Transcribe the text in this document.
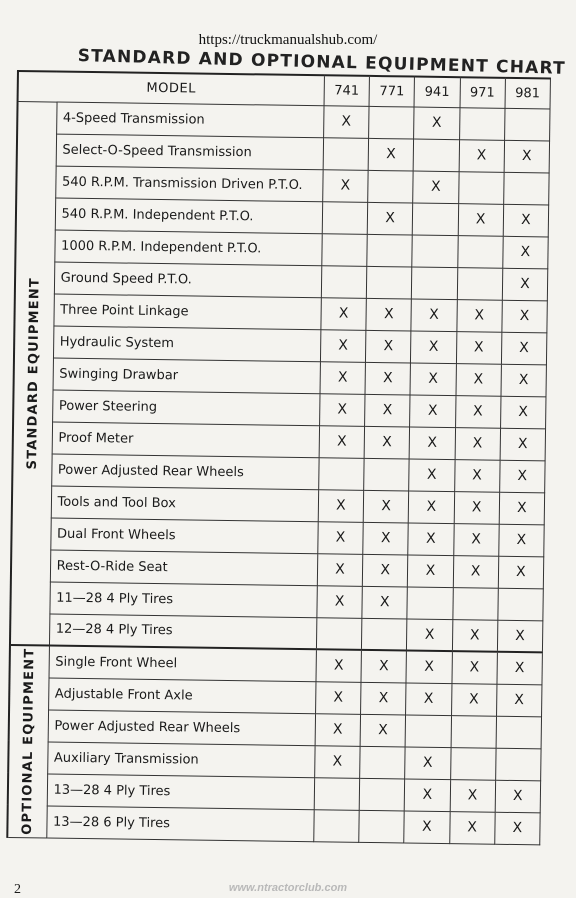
https://truckmanualshub.com/
STANDARD AND OPTIONAL EQUIPMENT CHART
MODEL		741	771	941	971	981

STANDARD EQUIPMENT	4-Speed Transmission	X		X		
	Select-O-Speed Transmission		X		X	X
	540 R.P.M. Transmission Driven P.T.O.	X		X		
	540 R.P.M. Independent P.T.O.		X		X	X
	1000 R.P.M. Independent P.T.O.					X
	Ground Speed P.T.O.					X
	Three Point Linkage	X	X	X	X	X
	Hydraulic System	X	X	X	X	X
	Swinging Drawbar	X	X	X	X	X
	Power Steering	X	X	X	X	X
	Proof Meter	X	X	X	X	X
	Power Adjusted Rear Wheels			X	X	X
	Tools and Tool Box	X	X	X	X	X
	Dual Front Wheels	X	X	X	X	X
	Rest-O-Ride Seat	X	X	X	X	X
	11—28 4 Ply Tires	X	X			
	12—28 4 Ply Tires			X	X	X

OPTIONAL EQUIPMENT	Single Front Wheel	X	X	X	X	X
	Adjustable Front Axle	X	X	X	X	X
	Power Adjusted Rear Wheels	X	X			
	Auxiliary Transmission	X		X		
	13—28 4 Ply Tires			X	X	X
	13—28 6 Ply Tires			X	X	X
2	www.ntractorclub.com
